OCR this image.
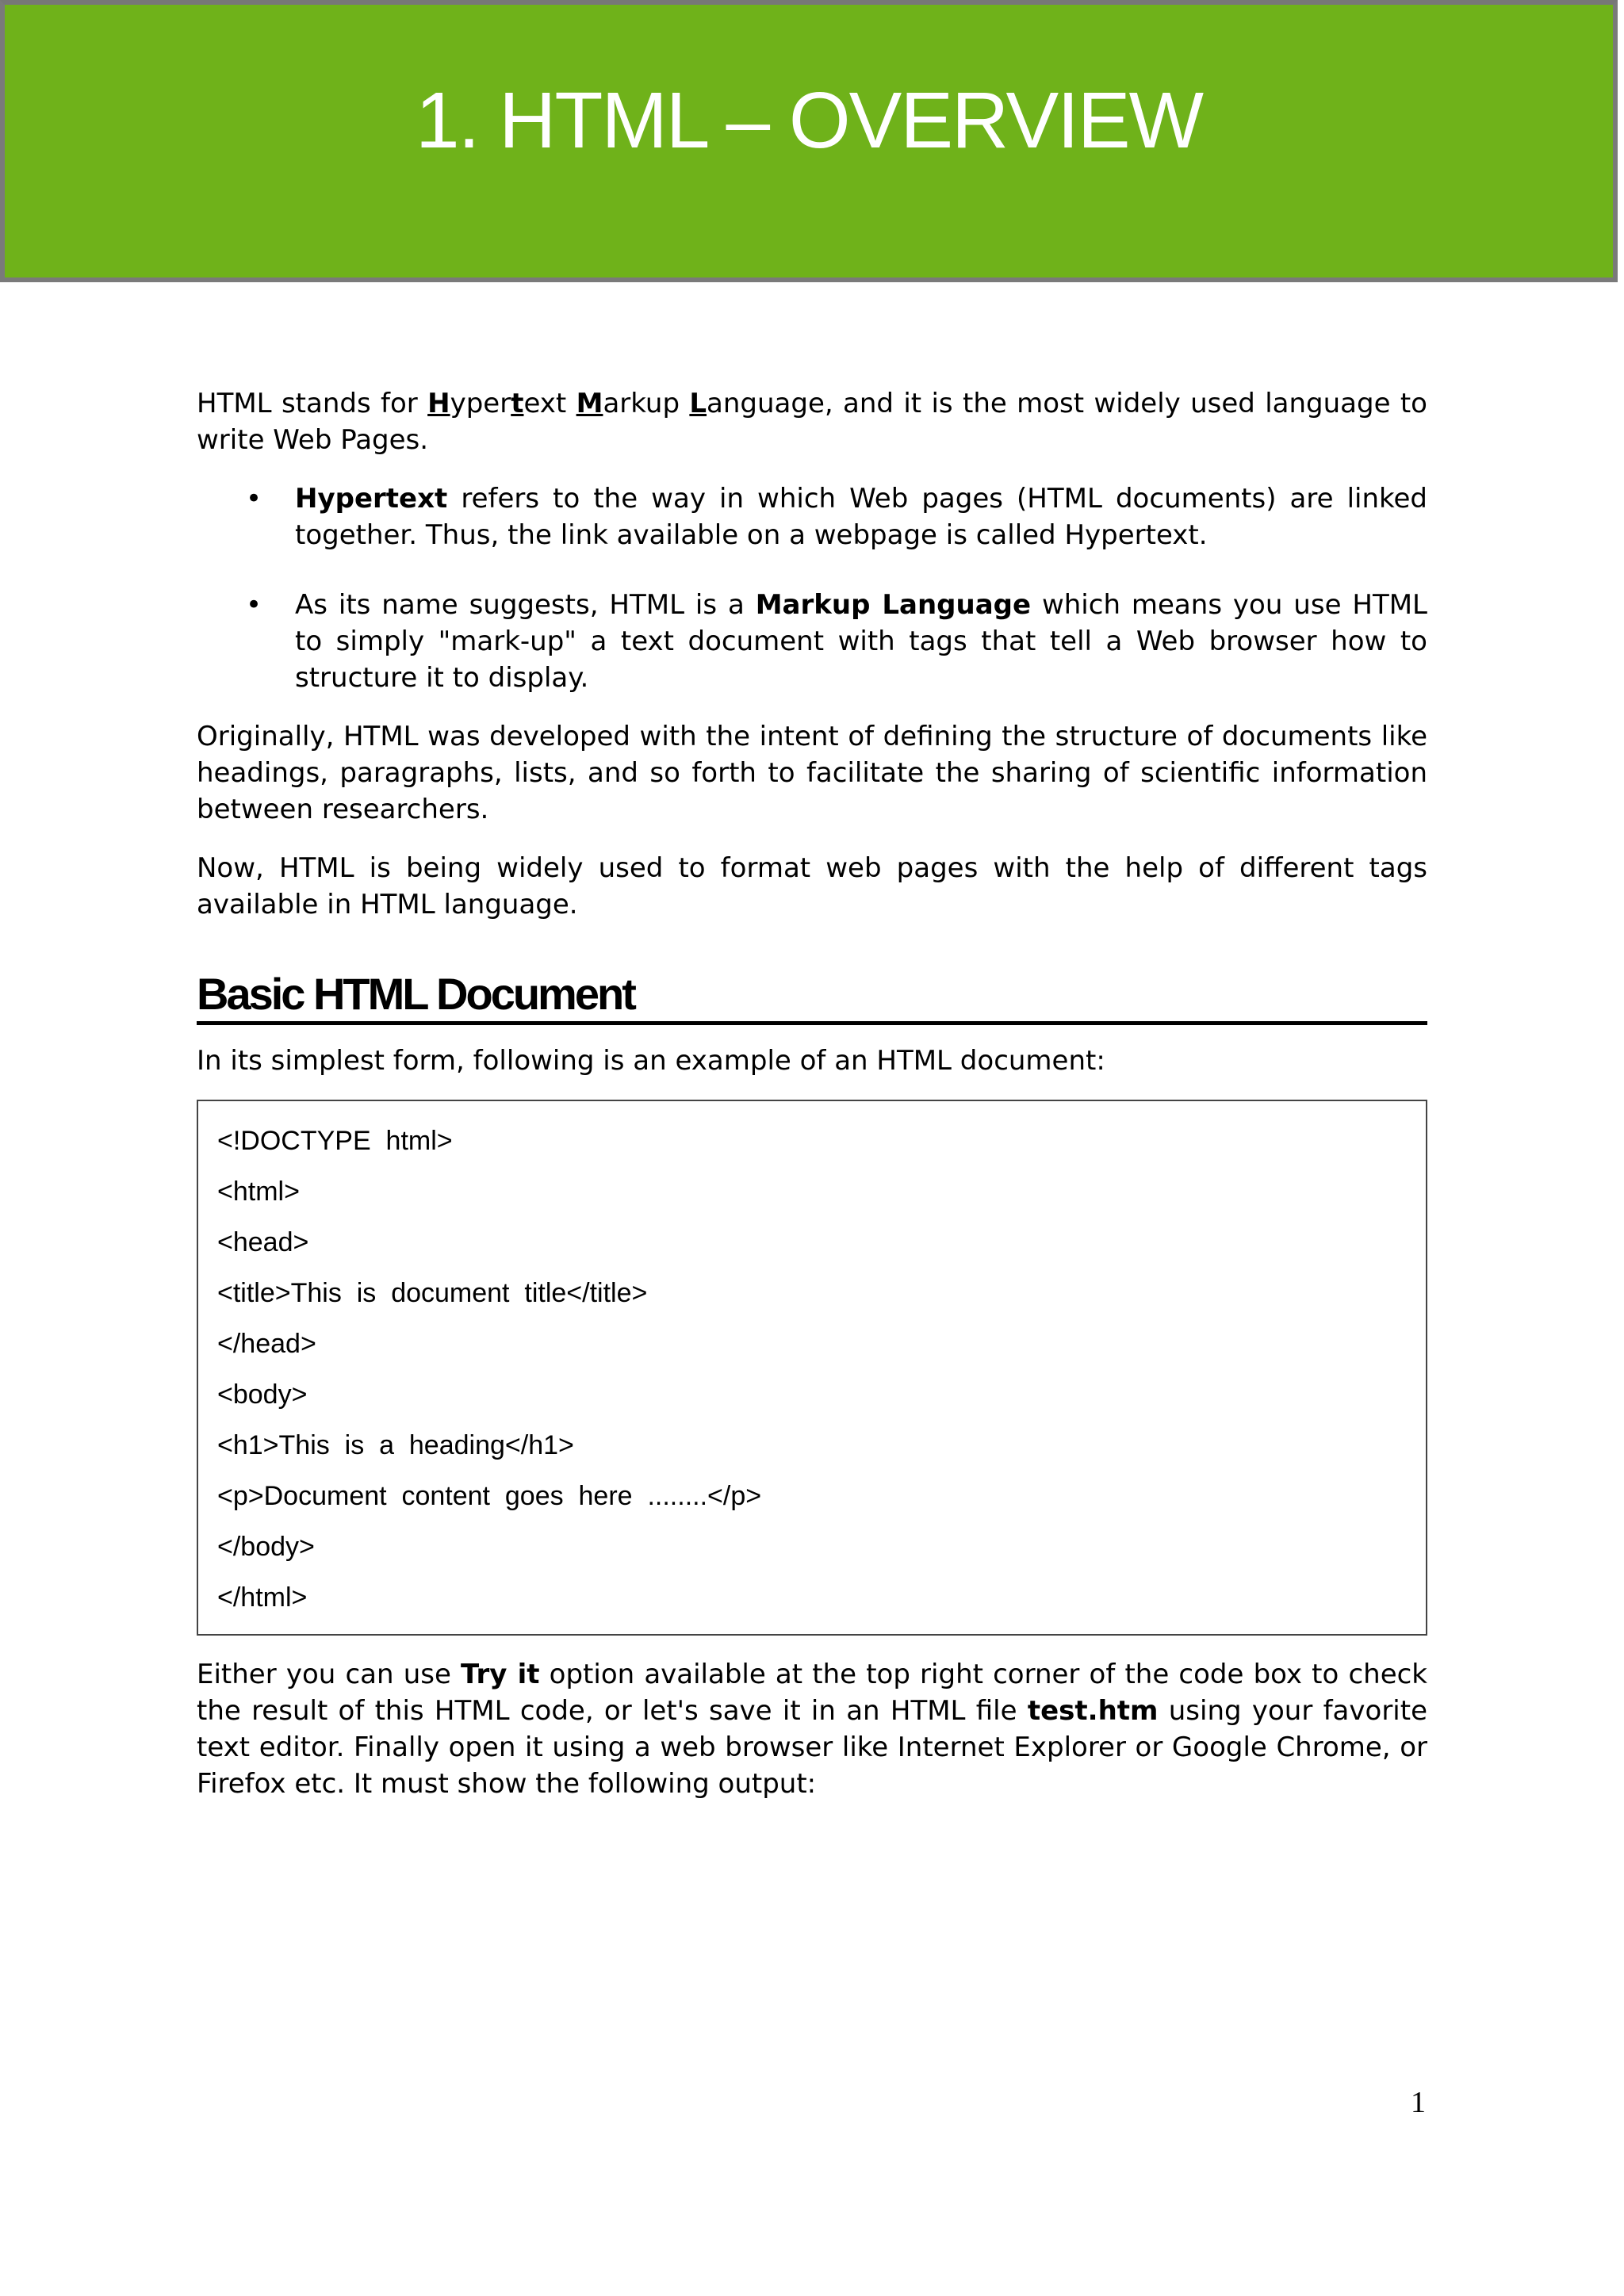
1. HTML – OVERVIEW

HTML stands for Hypertext Markup Language, and it is the most widely used language to write Web Pages.

• Hypertext refers to the way in which Web pages (HTML documents) are linked together. Thus, the link available on a webpage is called Hypertext.
• As its name suggests, HTML is a Markup Language which means you use HTML to simply "mark-up" a text document with tags that tell a Web browser how to structure it to display.

Originally, HTML was developed with the intent of defining the structure of documents like headings, paragraphs, lists, and so forth to facilitate the sharing of scientific information between researchers.

Now, HTML is being widely used to format web pages with the help of different tags available in HTML language.

Basic HTML Document

In its simplest form, following is an example of an HTML document:

<!DOCTYPE  html>
<html>
<head>
<title>This  is  document  title</title>
</head>
<body>
<h1>This  is  a  heading</h1>
<p>Document  content  goes  here  ........</p>
</body>
</html>

Either you can use Try it option available at the top right corner of the code box to check the result of this HTML code, or let's save it in an HTML file test.htm using your favorite text editor. Finally open it using a web browser like Internet Explorer or Google Chrome, or Firefox etc. It must show the following output:

1
